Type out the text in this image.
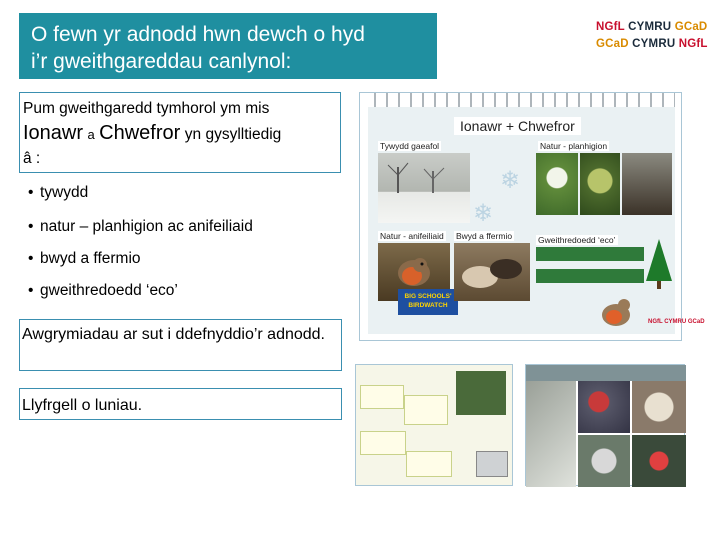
O fewn yr adnodd hwn dewch o hyd
i’r gweithgareddau canlynol:
NGfL CYMRU GCaD
GCaD CYMRU NGfL
Pum gweithgaredd tymhorol ym mis
Ionawr a Chwefror yn gysylltiedig
â :
• tywydd
• natur – planhigion ac anifeiliaid
• bwyd a ffermio
• gweithredoedd ‘eco’
Awgrymiadau ar sut i ddefnyddio’r adnodd.
Llyfrgell o luniau.
Ionawr + Chwefror
Tywydd gaeafol	Natur - planhigion
❄
❄
Natur - anifeiliaid Bwyd a ffermio	Gweithredoedd ‘eco’
BIG SCHOOLS'
BIRDWATCH
NGfL CYMRU GCaD
